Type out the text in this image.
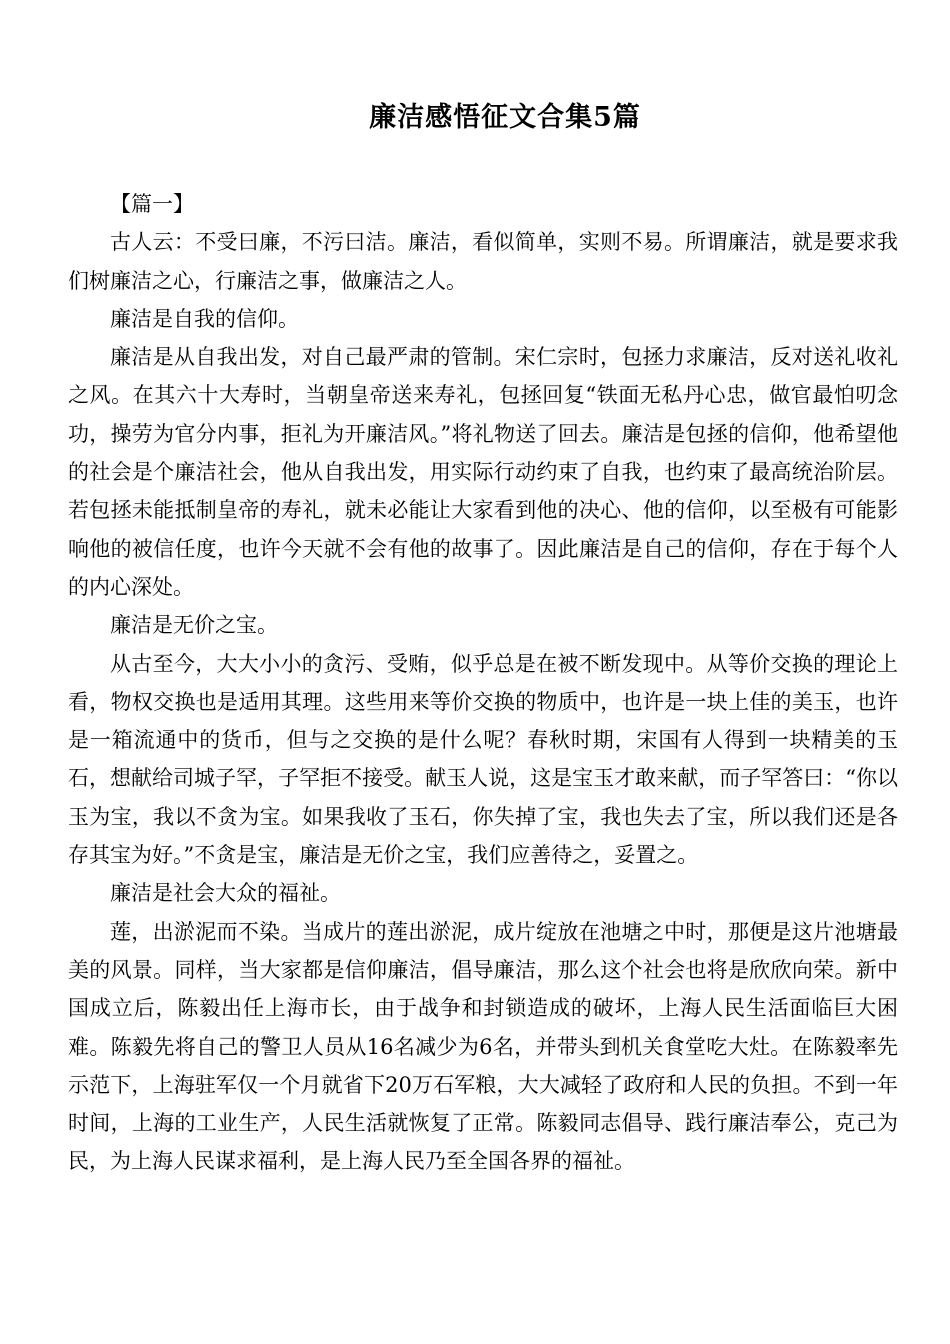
廉洁感悟征文合集5篇

【篇一】

古人云：不受曰廉，不污曰洁。廉洁，看似简单，实则不易。所谓廉洁，就是要求我们树廉洁之心，行廉洁之事，做廉洁之人。

廉洁是自我的信仰。

廉洁是从自我出发，对自己最严肃的管制。宋仁宗时，包拯力求廉洁，反对送礼收礼之风。在其六十大寿时，当朝皇帝送来寿礼，包拯回复“铁面无私丹心忠，做官最怕叨念功，操劳为官分内事，拒礼为开廉洁风。”将礼物送了回去。廉洁是包拯的信仰，他希望他的社会是个廉洁社会，他从自我出发，用实际行动约束了自我，也约束了最高统治阶层。若包拯未能抵制皇帝的寿礼，就未必能让大家看到他的决心、他的信仰，以至极有可能影响他的被信任度，也许今天就不会有他的故事了。因此廉洁是自己的信仰，存在于每个人的内心深处。

廉洁是无价之宝。

从古至今，大大小小的贪污、受贿，似乎总是在被不断发现中。从等价交换的理论上看，物权交换也是适用其理。这些用来等价交换的物质中，也许是一块上佳的美玉，也许是一箱流通中的货币，但与之交换的是什么呢？春秋时期，宋国有人得到一块精美的玉石，想献给司城子罕，子罕拒不接受。献玉人说，这是宝玉才敢来献，而子罕答曰：“你以玉为宝，我以不贪为宝。如果我收了玉石，你失掉了宝，我也失去了宝，所以我们还是各存其宝为好。”不贪是宝，廉洁是无价之宝，我们应善待之，妥置之。

廉洁是社会大众的福祉。

莲，出淤泥而不染。当成片的莲出淤泥，成片绽放在池塘之中时，那便是这片池塘最美的风景。同样，当大家都是信仰廉洁，倡导廉洁，那么这个社会也将是欣欣向荣。新中国成立后，陈毅出任上海市长，由于战争和封锁造成的破坏，上海人民生活面临巨大困难。陈毅先将自己的警卫人员从16名减少为6名，并带头到机关食堂吃大灶。在陈毅率先示范下，上海驻军仅一个月就省下20万石军粮，大大减轻了政府和人民的负担。不到一年时间，上海的工业生产，人民生活就恢复了正常。陈毅同志倡导、践行廉洁奉公，克己为民，为上海人民谋求福利，是上海人民乃至全国各界的福祉。
